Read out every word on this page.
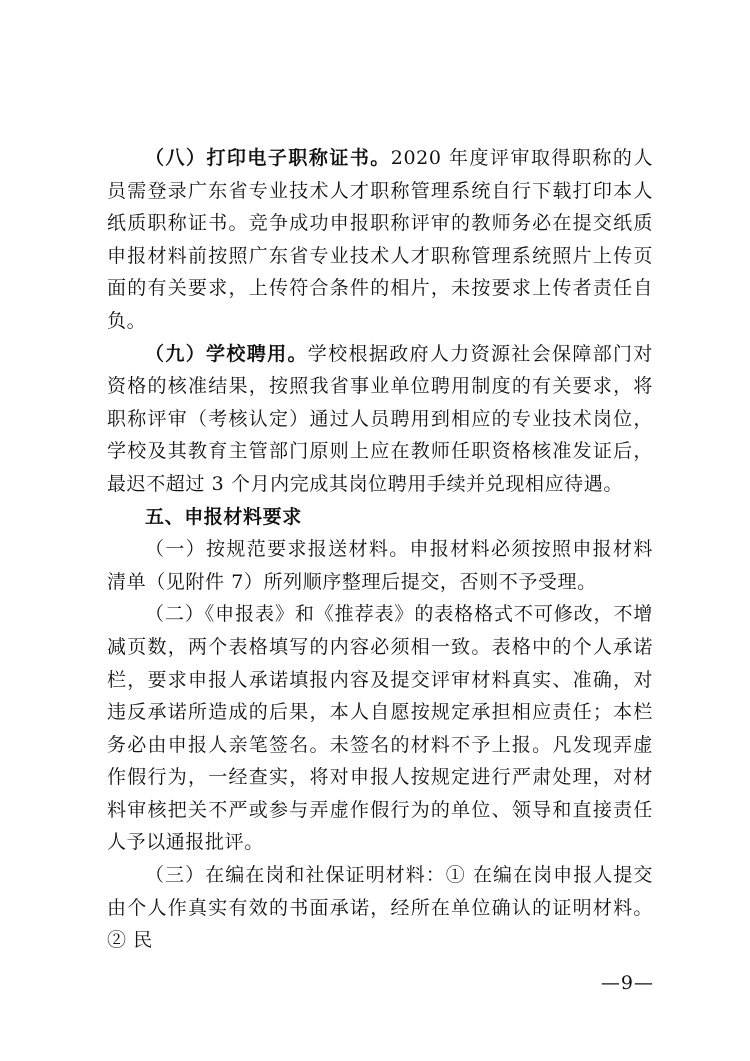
（八）打印电子职称证书。2020 年度评审取得职称的人员需登录广东省专业技术人才职称管理系统自行下载打印本人纸质职称证书。竞争成功申报职称评审的教师务必在提交纸质申报材料前按照广东省专业技术人才职称管理系统照片上传页面的有关要求，上传符合条件的相片，未按要求上传者责任自负。

（九）学校聘用。学校根据政府人力资源社会保障部门对资格的核准结果，按照我省事业单位聘用制度的有关要求，将职称评审（考核认定）通过人员聘用到相应的专业技术岗位，学校及其教育主管部门原则上应在教师任职资格核准发证后，最迟不超过 3 个月内完成其岗位聘用手续并兑现相应待遇。

五、申报材料要求

（一）按规范要求报送材料。申报材料必须按照申报材料清单（见附件 7）所列顺序整理后提交，否则不予受理。

（二）《申报表》和《推荐表》的表格格式不可修改，不增减页数，两个表格填写的内容必须相一致。表格中的个人承诺栏，要求申报人承诺填报内容及提交评审材料真实、准确，对违反承诺所造成的后果，本人自愿按规定承担相应责任；本栏务必由申报人亲笔签名。未签名的材料不予上报。凡发现弄虚作假行为，一经查实，将对申报人按规定进行严肃处理，对材料审核把关不严或参与弄虚作假行为的单位、领导和直接责任人予以通报批评。

（三）在编在岗和社保证明材料：① 在编在岗申报人提交由个人作真实有效的书面承诺，经所在单位确认的证明材料。② 民

—9—
